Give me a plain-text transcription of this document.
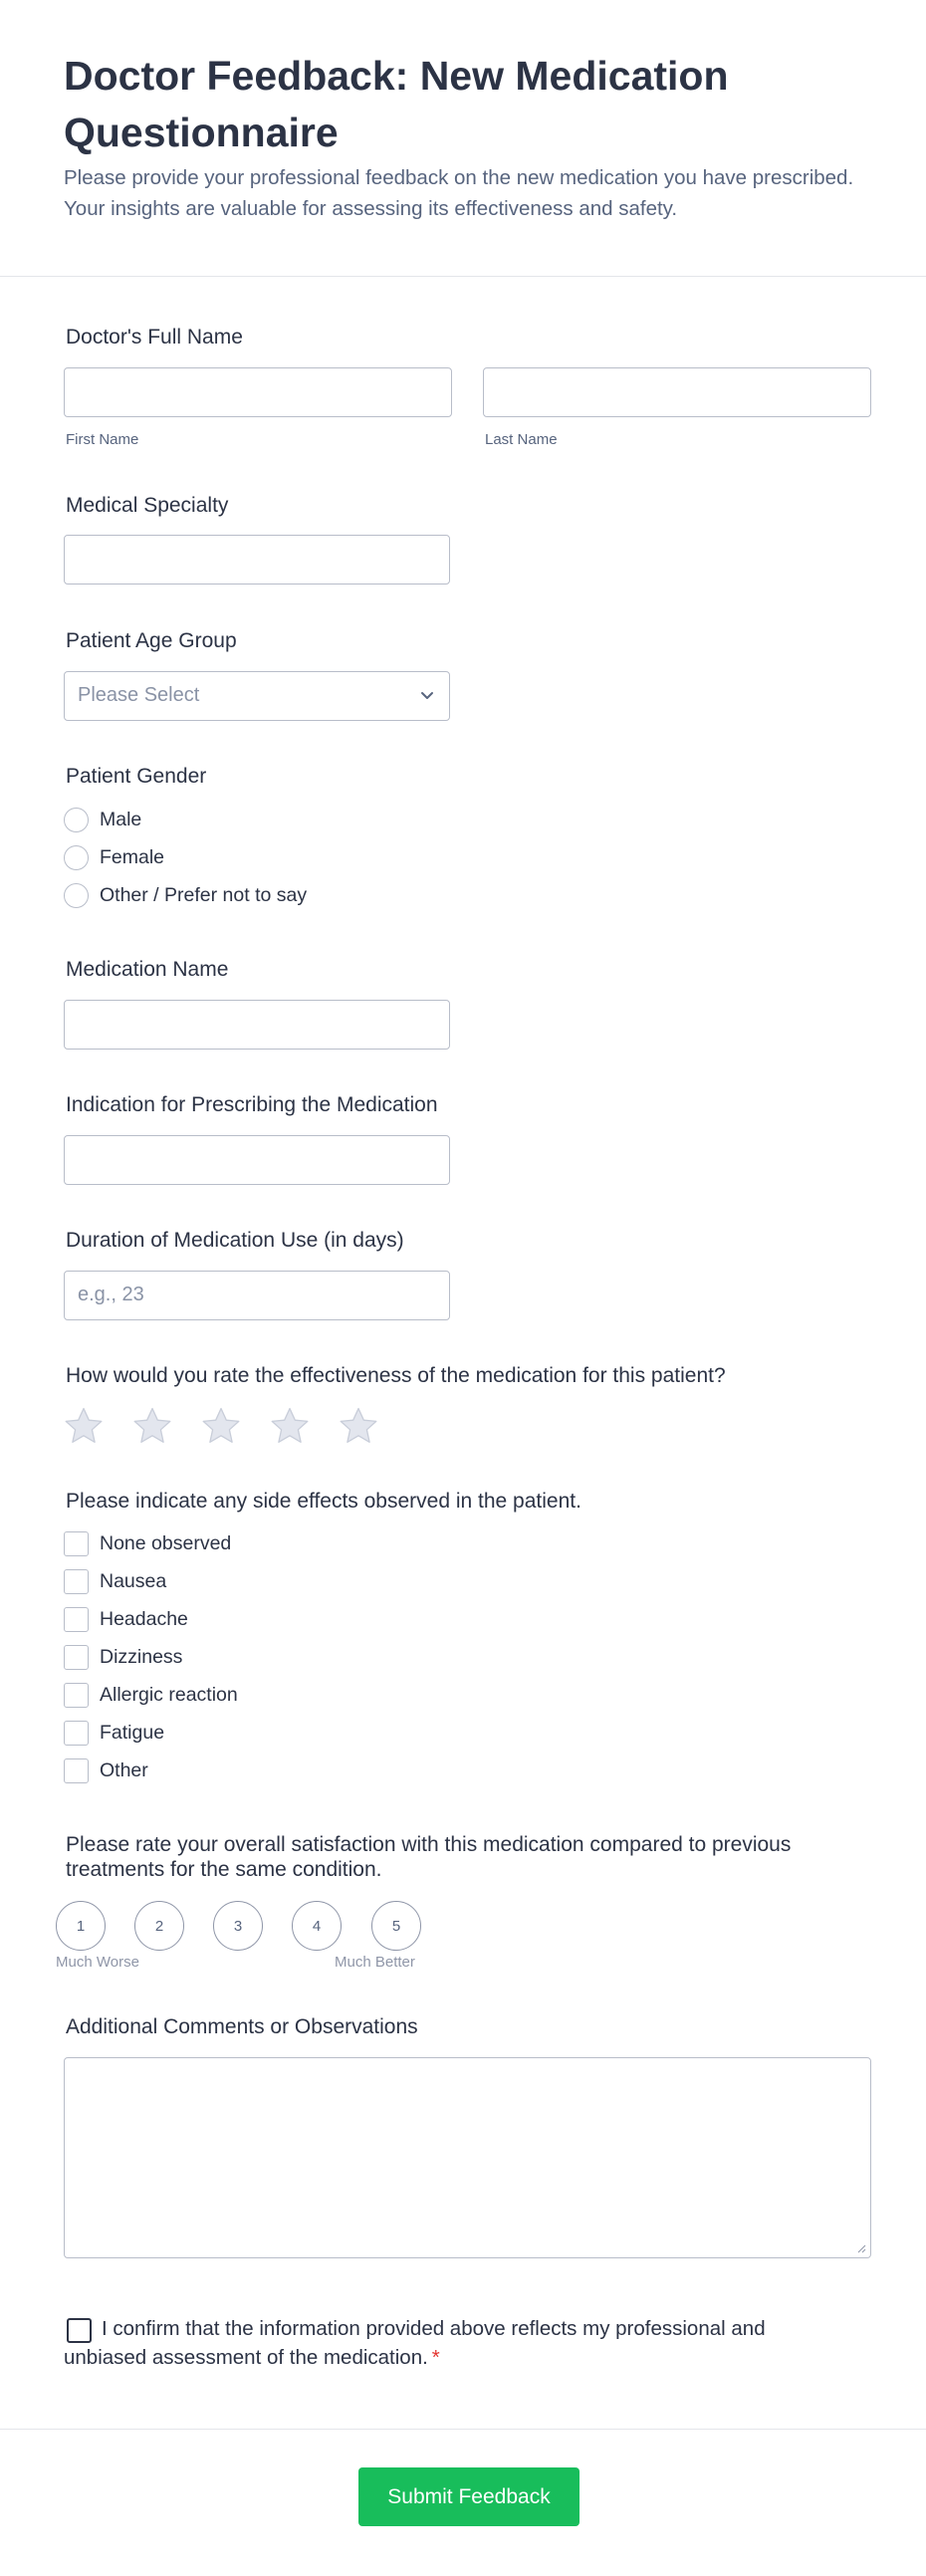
Doctor Feedback: New Medication Questionnaire
Please provide your professional feedback on the new medication you have prescribed. Your insights are valuable for assessing its effectiveness and safety.
Doctor's Full Name
First Name	Last Name
Medical Specialty
Patient Age Group
Please Select
Patient Gender
Male
Female
Other / Prefer not to say
Medication Name
Indication for Prescribing the Medication
Duration of Medication Use (in days)
e.g., 23
How would you rate the effectiveness of the medication for this patient?
Please indicate any side effects observed in the patient.
None observed
Nausea
Headache
Dizziness
Allergic reaction
Fatigue
Other
Please rate your overall satisfaction with this medication compared to previous treatments for the same condition.
1	2	3	4	5
Much Worse	Much Better
Additional Comments or Observations
I confirm that the information provided above reflects my professional and unbiased assessment of the medication. *
Submit Feedback
